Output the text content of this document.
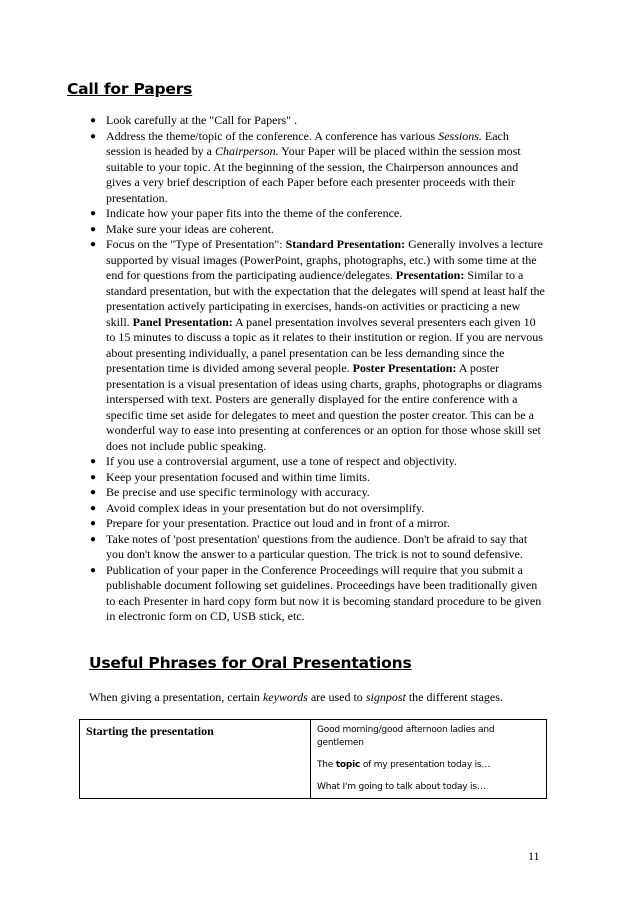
Call for Papers
● Look carefully at the "Call for Papers" .
● Address the theme/topic of the conference. A conference has various Sessions. Each session is headed by a Chairperson. Your Paper will be placed within the session most suitable to your topic. At the beginning of the session, the Chairperson announces and gives a very brief description of each Paper before each presenter proceeds with their presentation.
● Indicate how your paper fits into the theme of the conference.
● Make sure your ideas are coherent.
● Focus on the "Type of Presentation": Standard Presentation: Generally involves a lecture supported by visual images (PowerPoint, graphs, photographs, etc.) with some time at the end for questions from the participating audience/delegates. Presentation: Similar to a standard presentation, but with the expectation that the delegates will spend at least half the presentation actively participating in exercises, hands-on activities or practicing a new skill. Panel Presentation: A panel presentation involves several presenters each given 10 to 15 minutes to discuss a topic as it relates to their institution or region. If you are nervous about presenting individually, a panel presentation can be less demanding since the presentation time is divided among several people. Poster Presentation: A poster presentation is a visual presentation of ideas using charts, graphs, photographs or diagrams interspersed with text. Posters are generally displayed for the entire conference with a specific time set aside for delegates to meet and question the poster creator. This can be a wonderful way to ease into presenting at conferences or an option for those whose skill set does not include public speaking.
● If you use a controversial argument, use a tone of respect and objectivity.
● Keep your presentation focused and within time limits.
● Be precise and use specific terminology with accuracy.
● Avoid complex ideas in your presentation but do not oversimplify.
● Prepare for your presentation. Practice out loud and in front of a mirror.
● Take notes of 'post presentation' questions from the audience. Don't be afraid to say that you don't know the answer to a particular question. The trick is not to sound defensive.
● Publication of your paper in the Conference Proceedings will require that you submit a publishable document following set guidelines. Proceedings have been traditionally given to each Presenter in hard copy form but now it is becoming standard procedure to be given in electronic form on CD, USB stick, etc.
Useful Phrases for Oral Presentations

When giving a presentation, certain keywords are used to signpost the different stages.

Starting the presentation	Good morning/good afternoon ladies and gentlemen

The topic of my presentation today is…

What I'm going to talk about today is…

11
